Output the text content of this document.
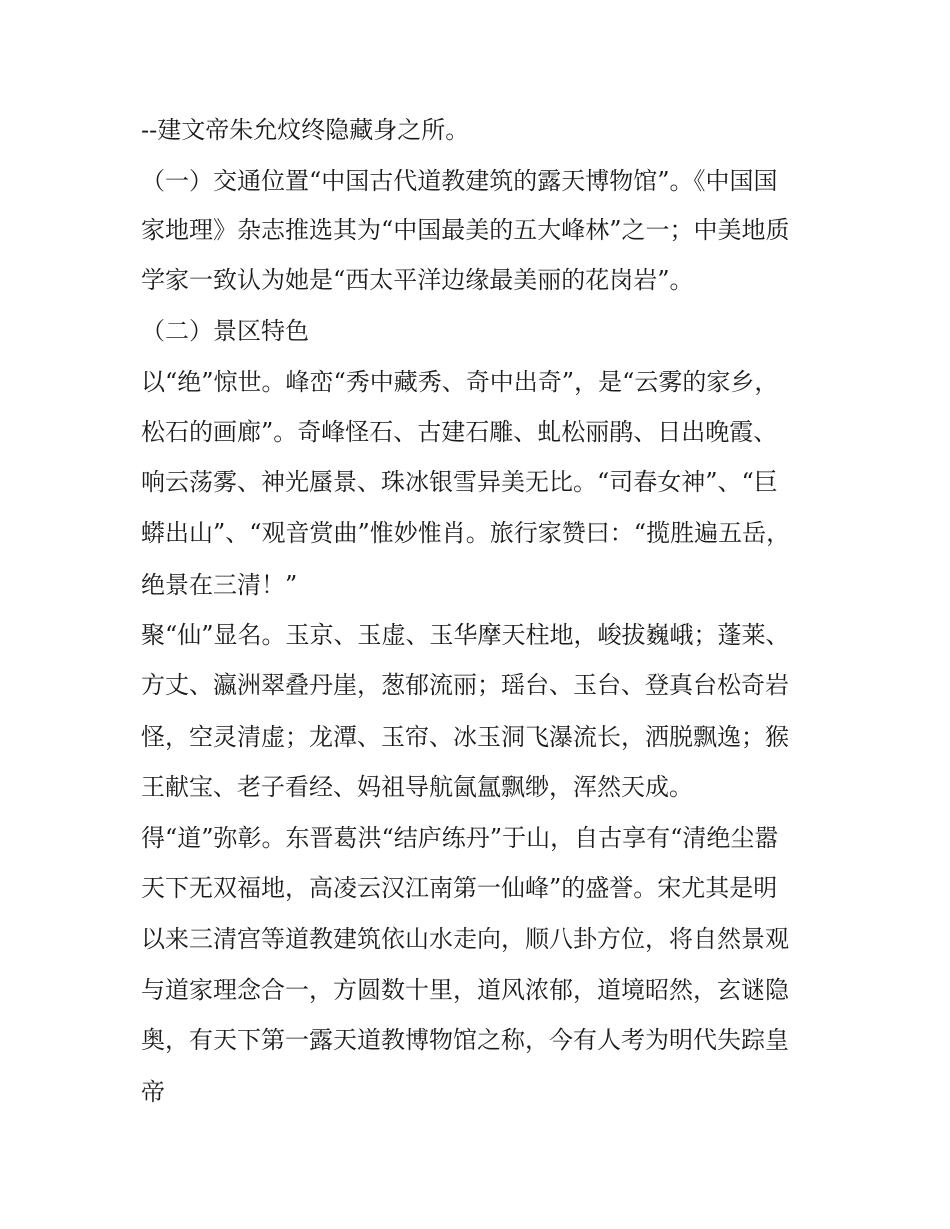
--建文帝朱允炆终隐藏身之所。
（一）交通位置“中国古代道教建筑的露天博物馆”。《中国国
家地理》杂志推选其为“中国最美的五大峰林”之一；中美地质
学家一致认为她是“西太平洋边缘最美丽的花岗岩”。
（二）景区特色
以“绝”惊世。峰峦“秀中藏秀、奇中出奇”，是“云雾的家乡，
松石的画廊”。奇峰怪石、古建石雕、虬松丽鹃、日出晚霞、
响云荡雾、神光蜃景、珠冰银雪异美无比。“司春女神”、“巨
蟒出山”、“观音赏曲”惟妙惟肖。旅行家赞曰：“揽胜遍五岳，
绝景在三清！”
聚“仙”显名。玉京、玉虚、玉华摩天柱地，峻拔巍峨；蓬莱、
方丈、瀛洲翠叠丹崖，葱郁流丽；瑶台、玉台、登真台松奇岩
怪，空灵清虚；龙潭、玉帘、冰玉洞飞瀑流长，洒脱飘逸；猴
王献宝、老子看经、妈祖导航氤氲飘缈，浑然天成。
得“道”弥彰。东晋葛洪“结庐练丹”于山，自古享有“清绝尘嚣
天下无双福地，高凌云汉江南第一仙峰”的盛誉。宋尤其是明
以来三清宫等道教建筑依山水走向，顺八卦方位，将自然景观
与道家理念合一，方圆数十里，道风浓郁，道境昭然，玄谜隐
奥，有天下第一露天道教博物馆之称，今有人考为明代失踪皇
帝
